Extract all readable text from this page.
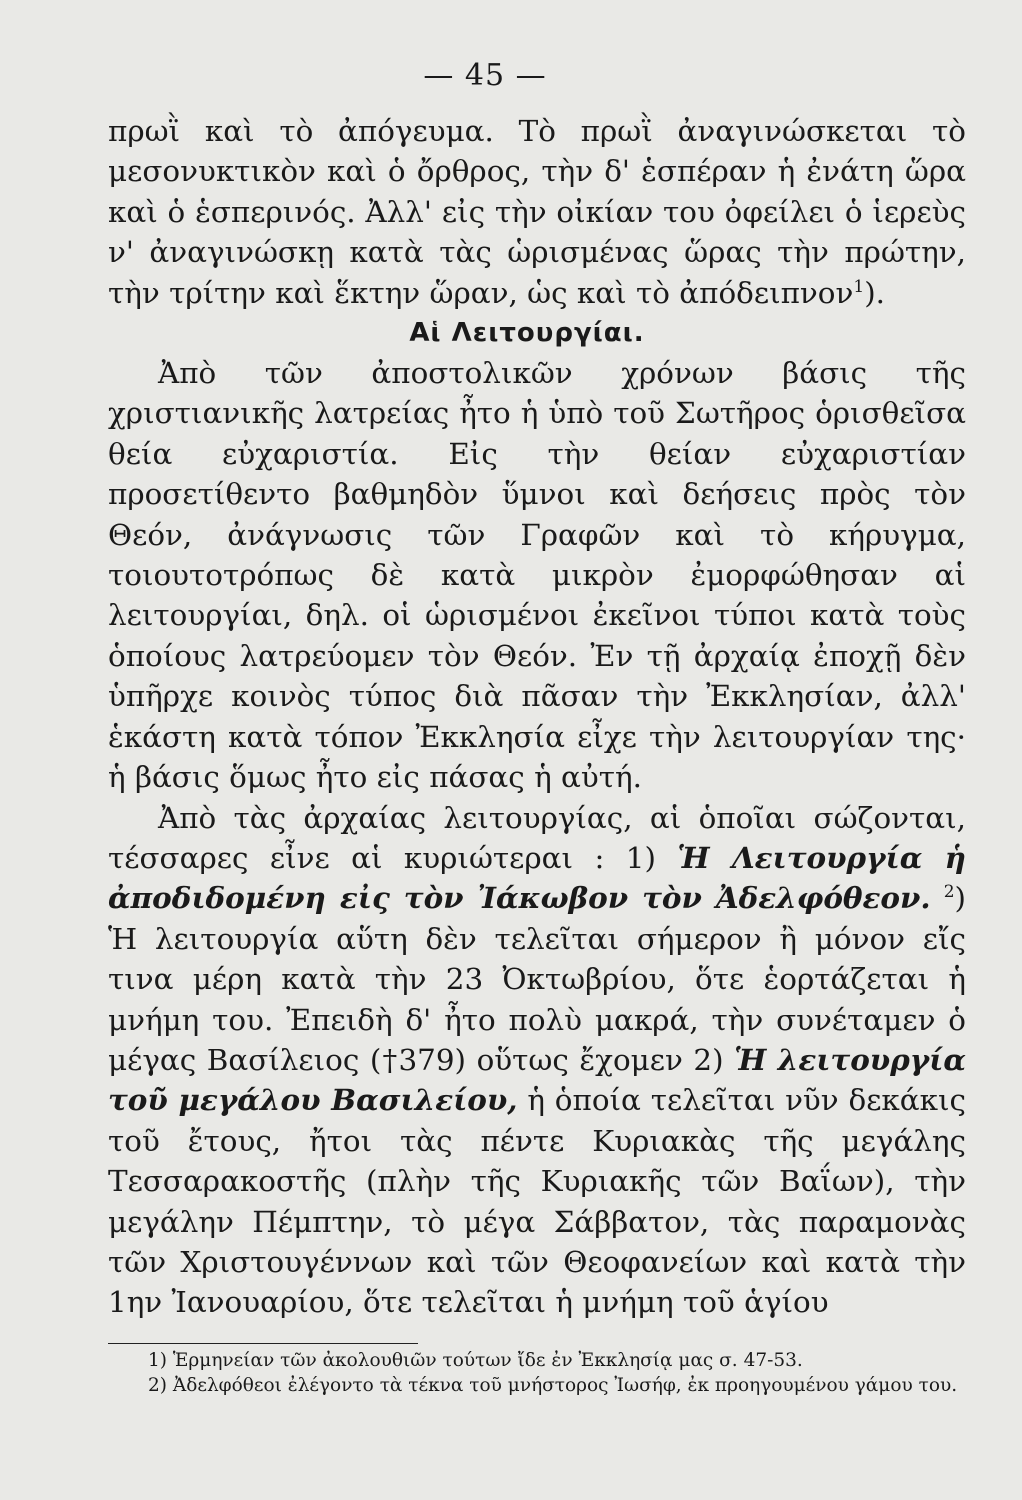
— 45 —

πρωῒ καὶ τὸ ἀπόγευμα. Τὸ πρωῒ ἀναγινώσκεται τὸ μεσονυκτικὸν καὶ ὁ ὄρθρος, τὴν δ' ἑσπέραν ἡ ἐνάτη ὥρα καὶ ὁ ἑσπερινός. Ἀλλ' εἰς τὴν οἰκίαν του ὀφείλει ὁ ἱερεὺς ν' ἀναγινώσκῃ κατὰ τὰς ὡρισμένας ὥρας τὴν πρώτην, τὴν τρίτην καὶ ἕκτην ὥραν, ὡς καὶ τὸ ἀπόδειπνον$^1$).

Αἱ Λειτουργίαι.

Ἀπὸ τῶν ἀποστολικῶν χρόνων βάσις τῆς χριστιανικῆς λατρείας ἦτο ἡ ὑπὸ τοῦ Σωτῆρος ὁρισθεῖσα θεία εὐχαριστία. Εἰς τὴν θείαν εὐχαριστίαν προσετίθεντο βαθμηδὸν ὕμνοι καὶ δεήσεις πρὸς τὸν Θεόν, ἀνάγνωσις τῶν Γραφῶν καὶ τὸ κήρυγμα, τοιουτοτρόπως δὲ κατὰ μικρὸν ἐμορφώθησαν αἱ λειτουργίαι, δηλ. οἱ ὡρισμένοι ἐκεῖνοι τύποι κατὰ τοὺς ὁποίους λατρεύομεν τὸν Θεόν. Ἐν τῇ ἀρχαίᾳ ἐποχῇ δὲν ὑπῆρχε κοινὸς τύπος διὰ πᾶσαν τὴν Ἐκκλησίαν, ἀλλ' ἑκάστη κατὰ τόπον Ἐκκλησία εἶχε τὴν λειτουργίαν της· ἡ βάσις ὅμως ἦτο εἰς πάσας ἡ αὐτή.

Ἀπὸ τὰς ἀρχαίας λειτουργίας, αἱ ὁποῖαι σώζονται, τέσσαρες εἶνε αἱ κυριώτεραι : 1) Ἡ Λειτουργία ἡ ἀποδιδομένη εἰς τὸν Ἰάκωβον τὸν Ἀδελφόθεον. $^2$) Ἡ λειτουργία αὕτη δὲν τελεῖται σήμερον ἢ μόνον εἴς τινα μέρη κατὰ τὴν 23 Ὀκτωβρίου, ὅτε ἑορτάζεται ἡ μνήμη του. Ἐπειδὴ δ' ἦτο πολὺ μακρά, τὴν συνέταμεν ὁ μέγας Βασίλειος (†379) οὕτως ἔχομεν 2) Ἡ λειτουργία τοῦ μεγάλου Βασιλείου, ἡ ὁποία τελεῖται νῦν δεκάκις τοῦ ἔτους, ἤτοι τὰς πέντε Κυριακὰς τῆς μεγάλης Τεσσαρακοστῆς (πλὴν τῆς Κυριακῆς τῶν Βαΐων), τὴν μεγάλην Πέμπτην, τὸ μέγα Σάββατον, τὰς παραμονὰς τῶν Χριστουγέννων καὶ τῶν Θεοφανείων καὶ κατὰ τὴν 1ην Ἰανουαρίου, ὅτε τελεῖται ἡ μνήμη τοῦ ἁγίου

1) Ἑρμηνείαν τῶν ἀκολουθιῶν τούτων ἴδε ἐν Ἐκκλησίᾳ μας σ. 47-53.

2) Ἀδελφόθεοι ἐλέγοντο τὰ τέκνα τοῦ μνήστορος Ἰωσήφ, ἐκ προηγουμένου γάμου του.
